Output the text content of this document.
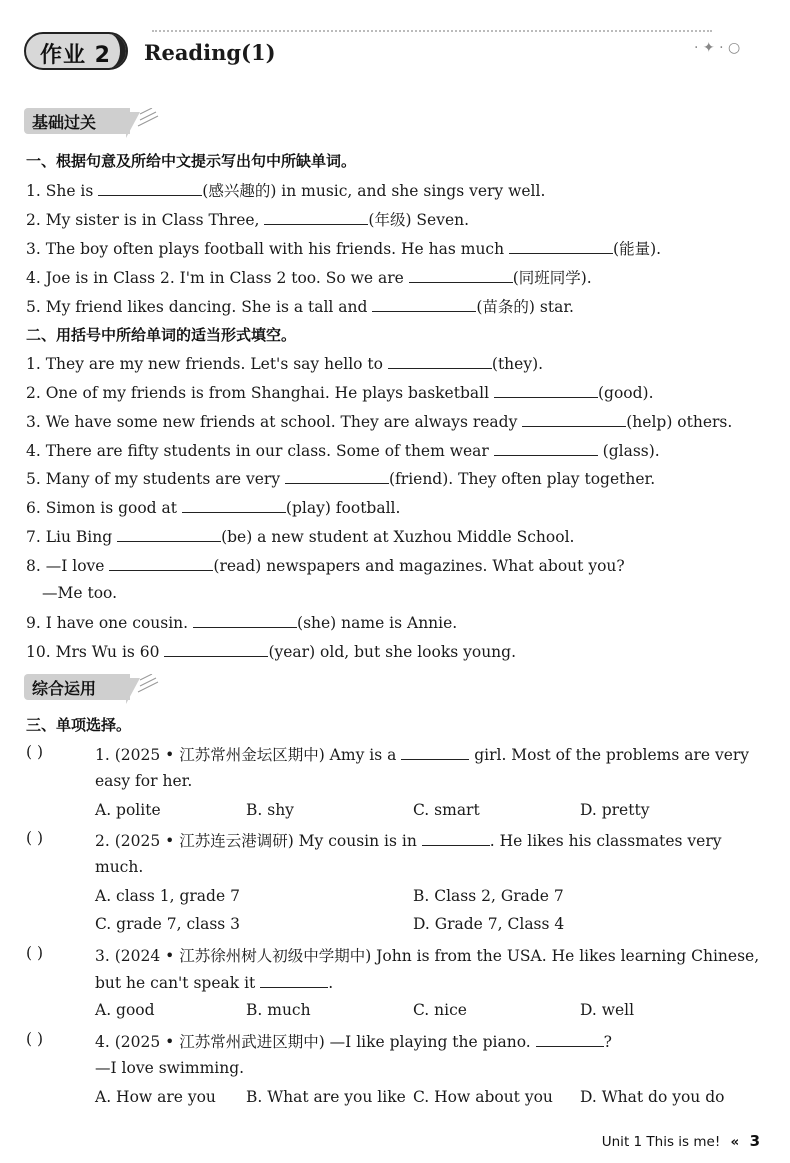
作业 2 Reading(1)	· ✦ · ○
基础过关
一、根据句意及所给中文提示写出句中所缺单词。
1. She is	(感兴趣的) in music, and she sings very well.
2. My sister is in Class Three,	(年级) Seven.
3. The boy often plays football with his friends. He has much	(能量).
4. Joe is in Class 2. I'm in Class 2 too. So we are	(同班同学).
5. My friend likes dancing. She is a tall and	(苗条的) star.
二、用括号中所给单词的适当形式填空。
1. They are my new friends. Let's say hello to	(they).
2. One of my friends is from Shanghai. He plays basketball	(good).
3. We have some new friends at school. They are always ready	(help) others.
4. There are fifty students in our class. Some of them wear	(glass).
5. Many of my students are very	(friend). They often play together.
6. Simon is good at	(play) football.
7. Liu Bing	(be) a new student at Xuzhou Middle School.
8. —I love	(read) newspapers and magazines. What about you?
—Me too.
9. I have one cousin.	(she) name is Annie.
10. Mrs Wu is 60	(year) old, but she looks young.
综合运用
三、单项选择。
( )	1. (2025 • 江苏常州金坛区期中) Amy is a	girl. Most of the problems are very
easy for her.
A. polite	B. shy	C. smart	D. pretty
( )	2. (2025 • 江苏连云港调研) My cousin is in	. He likes his classmates very
much.
A. class 1, grade 7	B. Class 2, Grade 7
C. grade 7, class 3	D. Grade 7, Class 4
( )	3. (2024 • 江苏徐州树人初级中学期中) John is from the USA. He likes learning Chinese,
but he can't speak it	.
A. good	B. much	C. nice	D. well
( )	4. (2025 • 江苏常州武进区期中) —I like playing the piano.	?
—I love swimming.
A. How are you B. What are you like C. How about you D. What do you do
Unit 1 This is me! « 3
